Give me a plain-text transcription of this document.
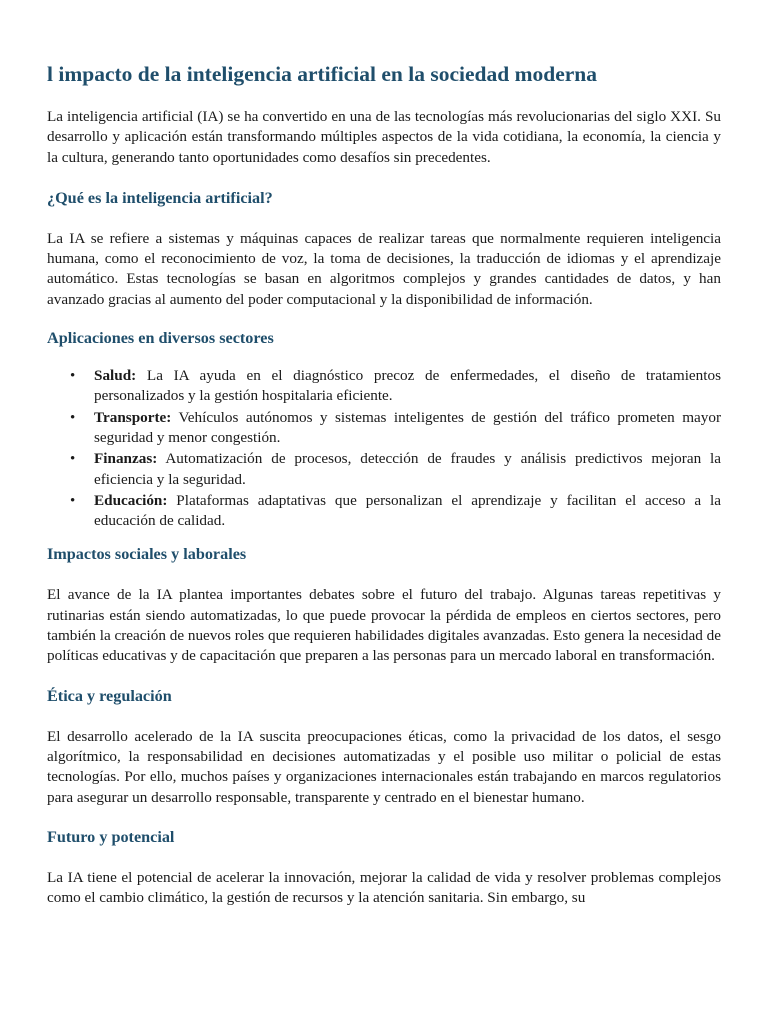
l impacto de la inteligencia artificial en la sociedad moderna

La inteligencia artificial (IA) se ha convertido en una de las tecnologías más revolucionarias del siglo XXI. Su desarrollo y aplicación están transformando múltiples aspectos de la vida cotidiana, la economía, la ciencia y la cultura, generando tanto oportunidades como desafíos sin precedentes.

¿Qué es la inteligencia artificial?

La IA se refiere a sistemas y máquinas capaces de realizar tareas que normalmente requieren inteligencia humana, como el reconocimiento de voz, la toma de decisiones, la traducción de idiomas y el aprendizaje automático. Estas tecnologías se basan en algoritmos complejos y grandes cantidades de datos, y han avanzado gracias al aumento del poder computacional y la disponibilidad de información.

Aplicaciones en diversos sectores
• Salud: La IA ayuda en el diagnóstico precoz de enfermedades, el diseño de tratamientos personalizados y la gestión hospitalaria eficiente.
• Transporte: Vehículos autónomos y sistemas inteligentes de gestión del tráfico prometen mayor seguridad y menor congestión.
• Finanzas: Automatización de procesos, detección de fraudes y análisis predictivos mejoran la eficiencia y la seguridad.
• Educación: Plataformas adaptativas que personalizan el aprendizaje y facilitan el acceso a la educación de calidad.
Impactos sociales y laborales

El avance de la IA plantea importantes debates sobre el futuro del trabajo. Algunas tareas repetitivas y rutinarias están siendo automatizadas, lo que puede provocar la pérdida de empleos en ciertos sectores, pero también la creación de nuevos roles que requieren habilidades digitales avanzadas. Esto genera la necesidad de políticas educativas y de capacitación que preparen a las personas para un mercado laboral en transformación.

Ética y regulación

El desarrollo acelerado de la IA suscita preocupaciones éticas, como la privacidad de los datos, el sesgo algorítmico, la responsabilidad en decisiones automatizadas y el posible uso militar o policial de estas tecnologías. Por ello, muchos países y organizaciones internacionales están trabajando en marcos regulatorios para asegurar un desarrollo responsable, transparente y centrado en el bienestar humano.

Futuro y potencial

La IA tiene el potencial de acelerar la innovación, mejorar la calidad de vida y resolver problemas complejos como el cambio climático, la gestión de recursos y la atención sanitaria. Sin embargo, su
